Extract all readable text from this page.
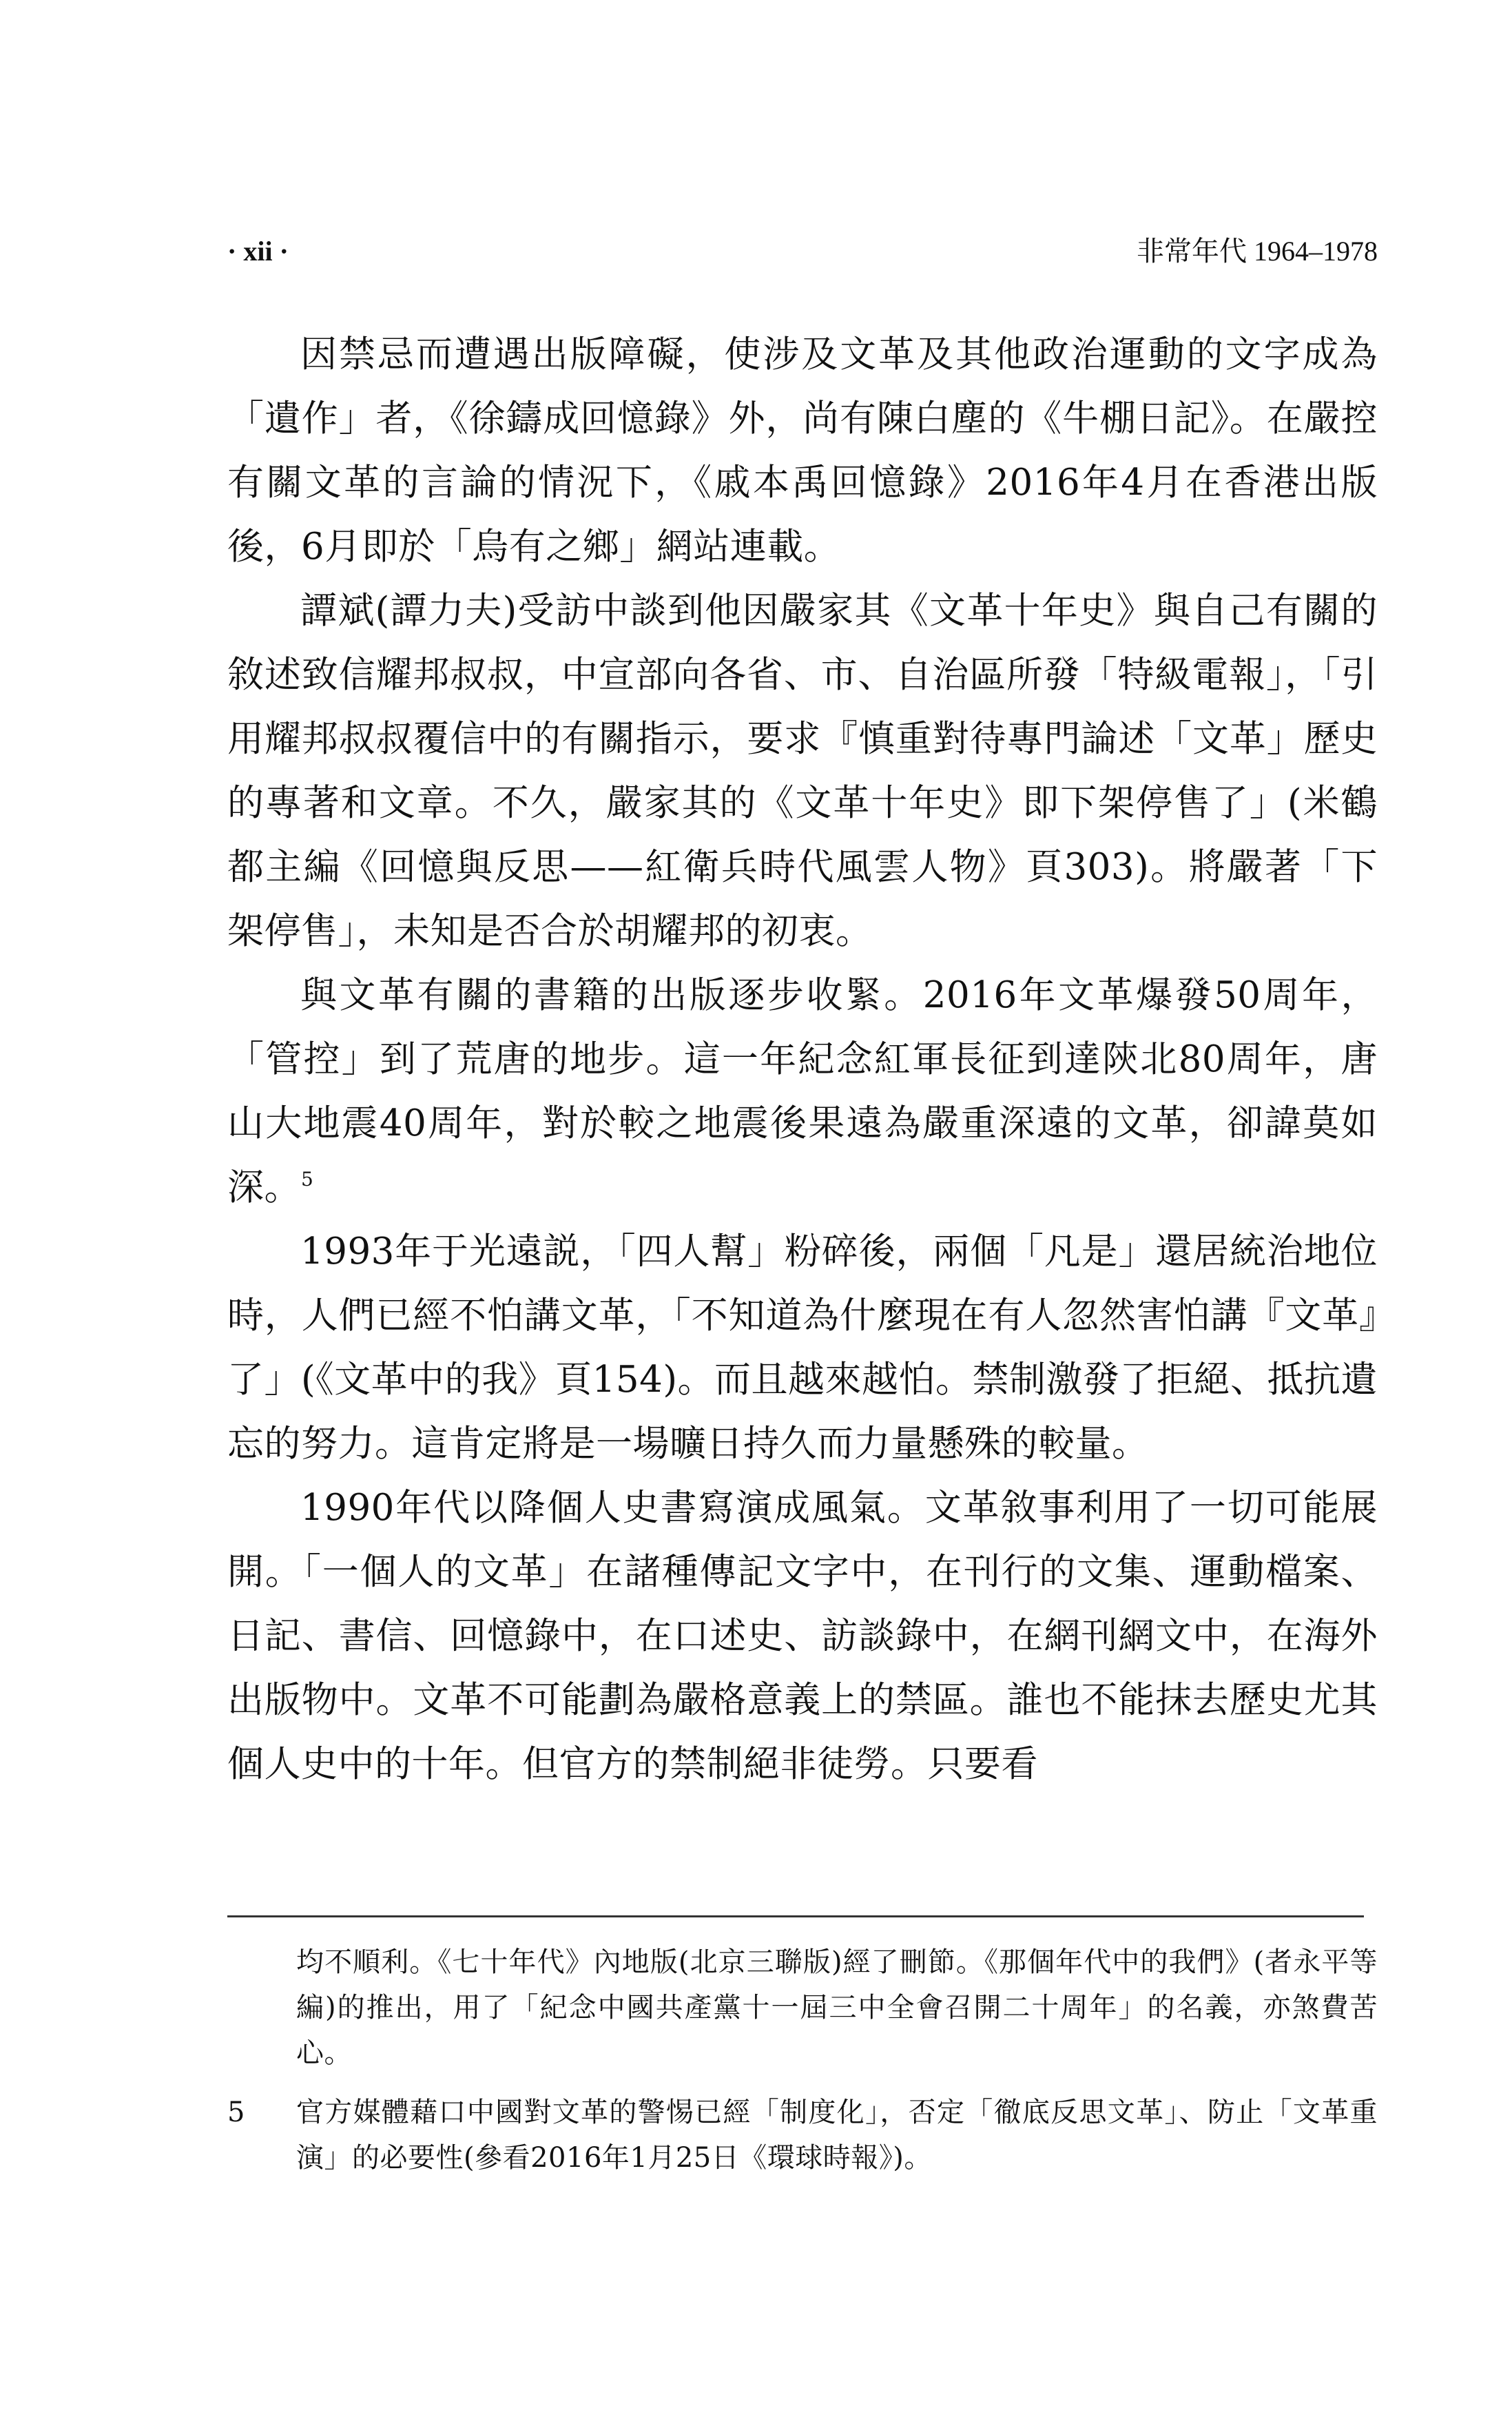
· xii ·	非常年代 1964–1978

因禁忌而遭遇出版障礙，使涉及文革及其他政治運動的文字成為「遺作」者，《徐鑄成回憶錄》外，尚有陳白塵的《牛棚日記》。在嚴控有關文革的言論的情況下，《戚本禹回憶錄》2016年4月在香港出版後，6月即於「烏有之鄉」網站連載。

譚斌(譚力夫)受訪中談到他因嚴家其《文革十年史》與自己有關的敘述致信耀邦叔叔，中宣部向各省、市、自治區所發「特級電報」，「引用耀邦叔叔覆信中的有關指示，要求『慎重對待專門論述「文革」歷史的專著和文章。不久，嚴家其的《文革十年史》即下架停售了」(米鶴都主編《回憶與反思——紅衛兵時代風雲人物》頁303)。將嚴著「下架停售」，未知是否合於胡耀邦的初衷。

與文革有關的書籍的出版逐步收緊。2016年文革爆發50周年，「管控」到了荒唐的地步。這一年紀念紅軍長征到達陝北80周年，唐山大地震40周年，對於較之地震後果遠為嚴重深遠的文革，卻諱莫如深。$^5$

1993年于光遠説，「四人幫」粉碎後，兩個「凡是」還居統治地位時，人們已經不怕講文革，「不知道為什麼現在有人忽然害怕講『文革』了」(《文革中的我》頁154)。而且越來越怕。禁制激發了拒絕、抵抗遺忘的努力。這肯定將是一場曠日持久而力量懸殊的較量。

1990年代以降個人史書寫演成風氣。文革敘事利用了一切可能展開。「一個人的文革」在諸種傳記文字中，在刊行的文集、運動檔案、日記、書信、回憶錄中，在口述史、訪談錄中，在網刊網文中，在海外出版物中。文革不可能劃為嚴格意義上的禁區。誰也不能抹去歷史尤其個人史中的十年。但官方的禁制絕非徒勞。只要看

均不順利。《七十年代》內地版(北京三聯版)經了刪節。《那個年代中的我們》(者永平等編)的推出，用了「紀念中國共產黨十一屆三中全會召開二十周年」的名義，亦煞費苦心。

5	官方媒體藉口中國對文革的警惕已經「制度化」，否定「徹底反思文革」、防止「文革重演」的必要性(參看2016年1月25日《環球時報》)。
